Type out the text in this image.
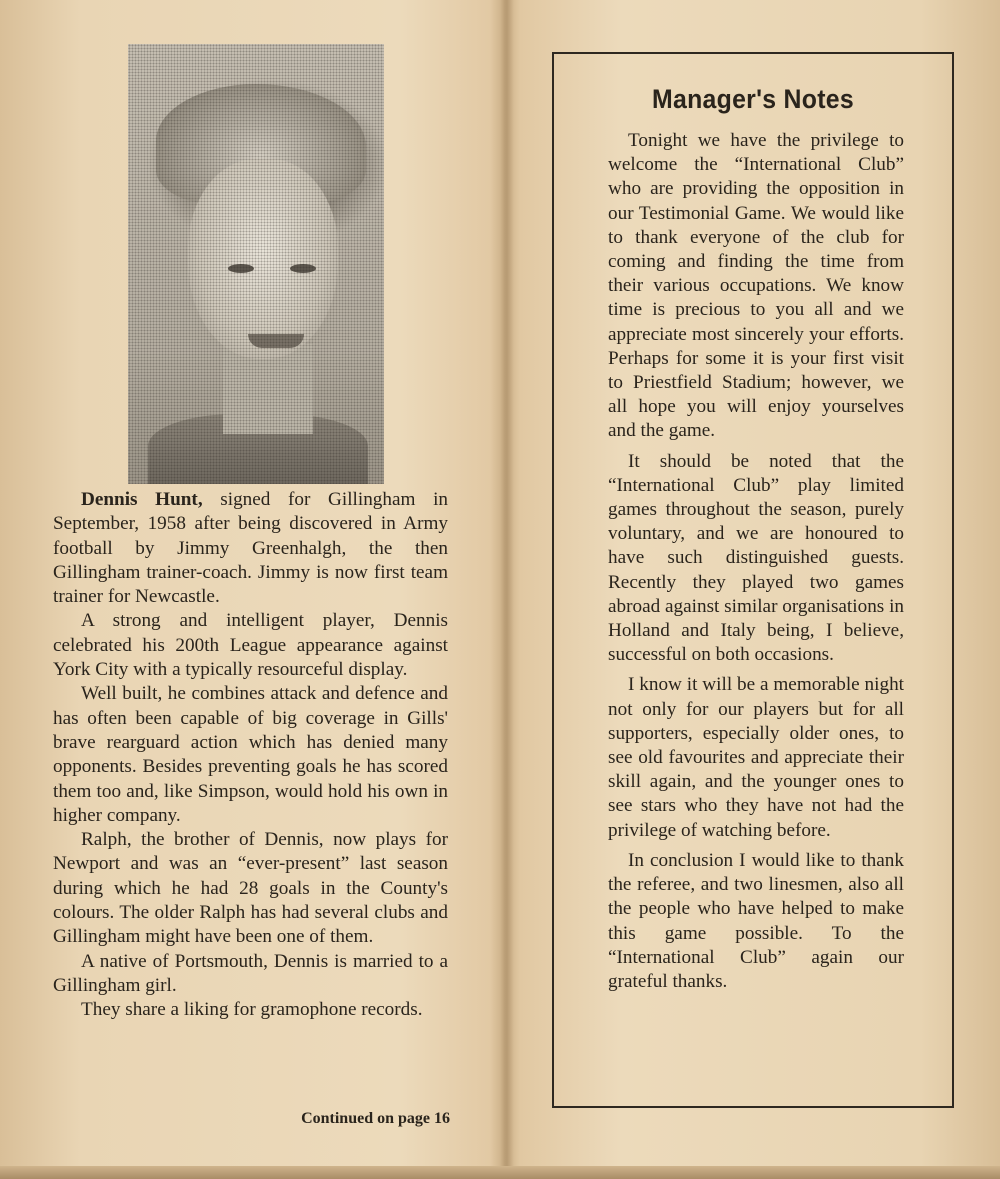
Dennis Hunt, signed for Gillingham in September, 1958 after being discovered in Army football by Jimmy Greenhalgh, the then Gillingham trainer-coach. Jimmy is now first team trainer for Newcastle.

A strong and intelligent player, Dennis celebrated his 200th League appearance against York City with a typically resourceful display.

Well built, he combines attack and defence and has often been capable of big coverage in Gills' brave rearguard action which has denied many opponents. Besides preventing goals he has scored them too and, like Simpson, would hold his own in higher company.

Ralph, the brother of Dennis, now plays for Newport and was an “ever-present” last season during which he had 28 goals in the County's colours. The older Ralph has had several clubs and Gillingham might have been one of them.

A native of Portsmouth, Dennis is married to a Gillingham girl.

They share a liking for gramophone records.

Continued on page 16
Manager's Notes

Tonight we have the privilege to welcome the “International Club” who are providing the opposition in our Testimonial Game. We would like to thank everyone of the club for coming and finding the time from their various occupations. We know time is precious to you all and we appreciate most sincerely your efforts. Perhaps for some it is your first visit to Priestfield Stadium; however, we all hope you will enjoy yourselves and the game.

It should be noted that the “International Club” play limited games throughout the season, purely voluntary, and we are honoured to have such distinguished guests. Recently they played two games abroad against similar organisations in Holland and Italy being, I believe, successful on both occasions.

I know it will be a memorable night not only for our players but for all supporters, especially older ones, to see old favourites and appreciate their skill again, and the younger ones to see stars who they have not had the privilege of watching before.

In conclusion I would like to thank the referee, and two linesmen, also all the people who have helped to make this game possible. To the “International Club” again our grateful thanks.
